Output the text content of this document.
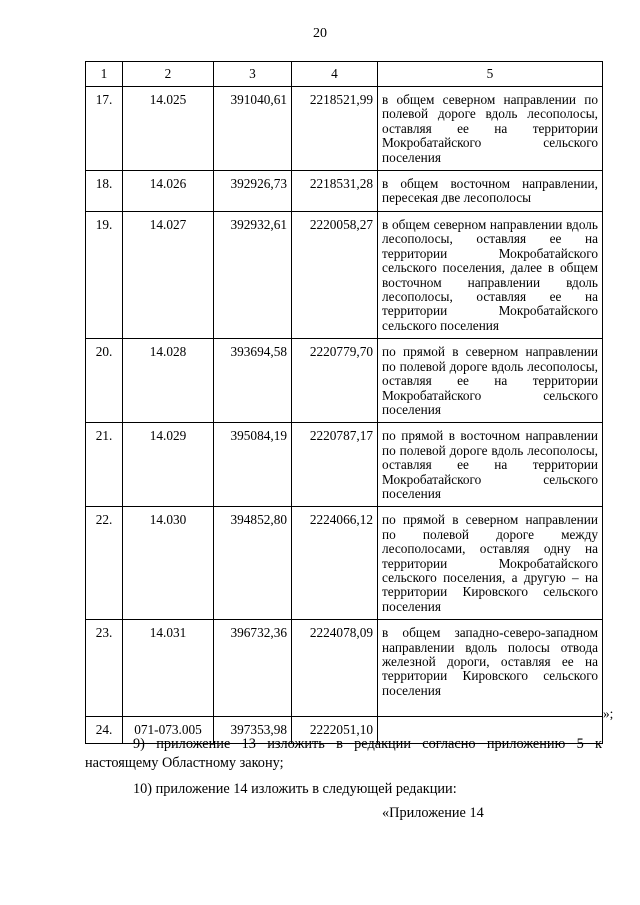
20
1	2	3	4	5
17.	14.025	391040,61	2218521,99	в общем северном направлении по полевой дороге вдоль лесополосы, оставляя ее на территории Мокробатайского сельского поселения
18.	14.026	392926,73	2218531,28	в общем восточном направлении, пересекая две лесополосы
19.	14.027	392932,61	2220058,27	в общем северном направлении вдоль лесополосы, оставляя ее на территории Мокробатайского сельского поселения, далее в общем восточном направлении вдоль лесополосы, оставляя ее на территории Мокробатайского сельского поселения
20.	14.028	393694,58	2220779,70	по прямой в северном направлении по полевой дороге вдоль лесополосы, оставляя ее на территории Мокробатайского сельского поселения
21.	14.029	395084,19	2220787,17	по прямой в восточном направлении по полевой дороге вдоль лесополосы, оставляя ее на территории Мокробатайского сельского поселения
22.	14.030	394852,80	2224066,12	по прямой в северном направлении по полевой дороге между лесополосами, оставляя одну на территории Мокробатайского сельского поселения, а другую – на территории Кировского сельского поселения
23.	14.031	396732,36	2224078,09	в общем западно-северо-западном направлении вдоль полосы отвода железной дороги, оставляя ее на территории Кировского сельского поселения
24.	071-073.005	397353,98	2222051,10	
»;
9) приложение 13 изложить в редакции согласно приложению 5 к настоящему Областному закону;
10) приложение 14 изложить в следующей редакции:
«Приложение 14
